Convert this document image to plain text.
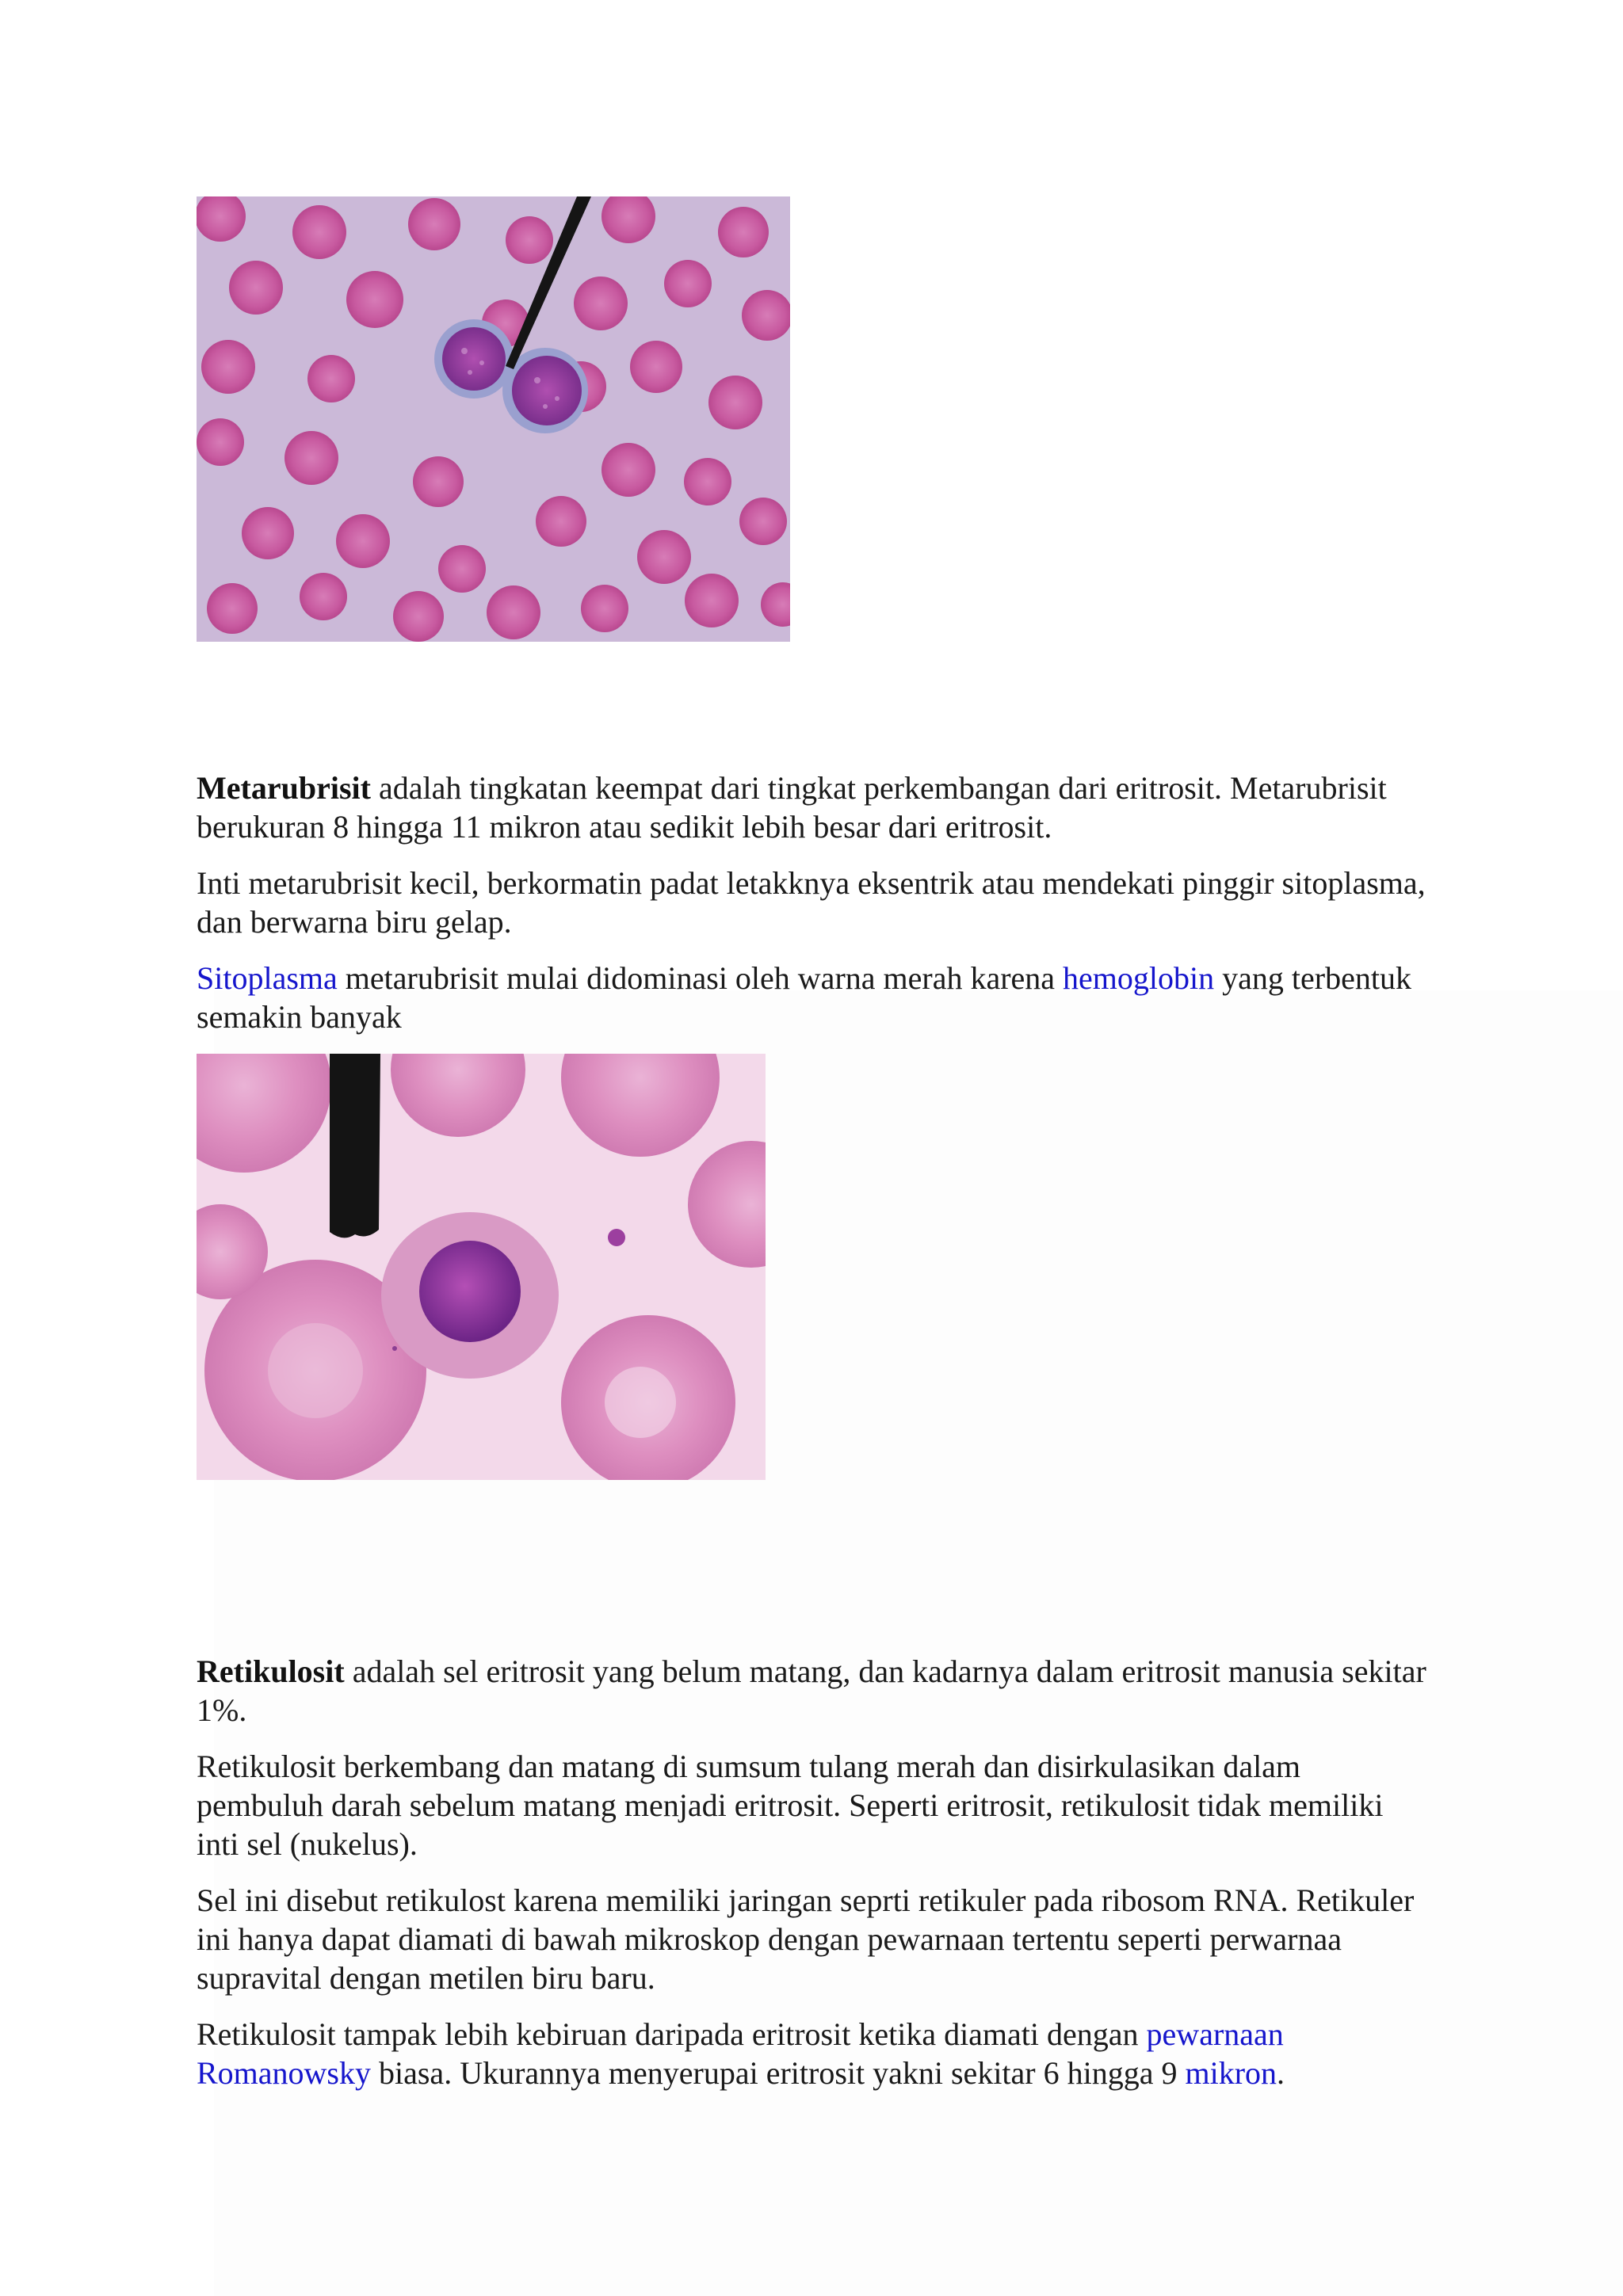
Metarubrisit adalah tingkatan keempat dari tingkat perkembangan dari eritrosit. Metarubrisit berukuran 8 hingga 11 mikron atau sedikit lebih besar dari eritrosit.

Inti metarubrisit kecil, berkormatin padat letakknya eksentrik atau mendekati pinggir sitoplasma, dan berwarna biru gelap.

Sitoplasma metarubrisit mulai didominasi oleh warna merah karena hemoglobin yang terbentuk semakin banyak

Retikulosit adalah sel eritrosit yang belum matang, dan kadarnya dalam eritrosit manusia sekitar 1%.

Retikulosit berkembang dan matang di sumsum tulang merah dan disirkulasikan dalam pembuluh darah sebelum matang menjadi eritrosit. Seperti eritrosit, retikulosit tidak memiliki inti sel (nukelus).

Sel ini disebut retikulost karena memiliki jaringan seprti retikuler pada ribosom RNA. Retikuler ini hanya dapat diamati di bawah mikroskop dengan pewarnaan tertentu seperti perwarnaa supravital dengan metilen biru baru.

Retikulosit tampak lebih kebiruan daripada eritrosit ketika diamati dengan pewarnaan Romanowsky biasa. Ukurannya menyerupai eritrosit yakni sekitar 6 hingga 9 mikron.
